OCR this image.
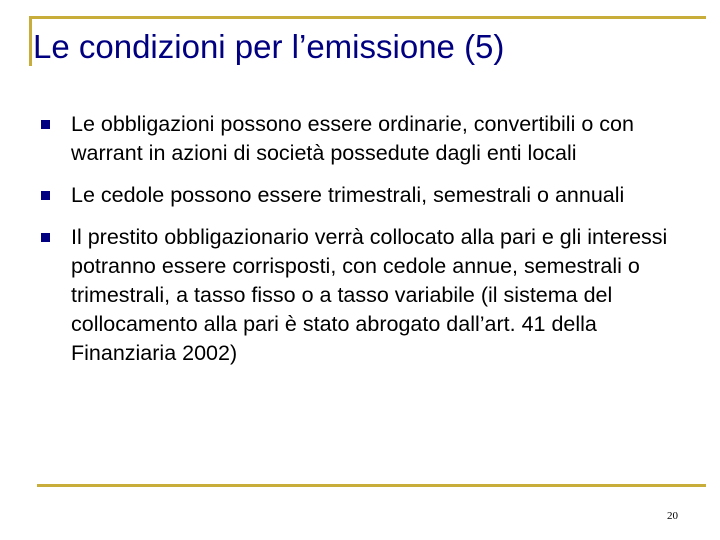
Le condizioni per l’emissione (5)
Le obbligazioni possono essere ordinarie, convertibili o con warrant in azioni di società possedute dagli enti locali
Le cedole possono essere trimestrali, semestrali o annuali
Il prestito obbligazionario verrà collocato alla pari e gli interessi potranno essere corrisposti, con cedole annue, semestrali o trimestrali, a tasso fisso o a tasso variabile (il sistema del collocamento alla pari è stato abrogato dall’art. 41 della Finanziaria 2002)
20
